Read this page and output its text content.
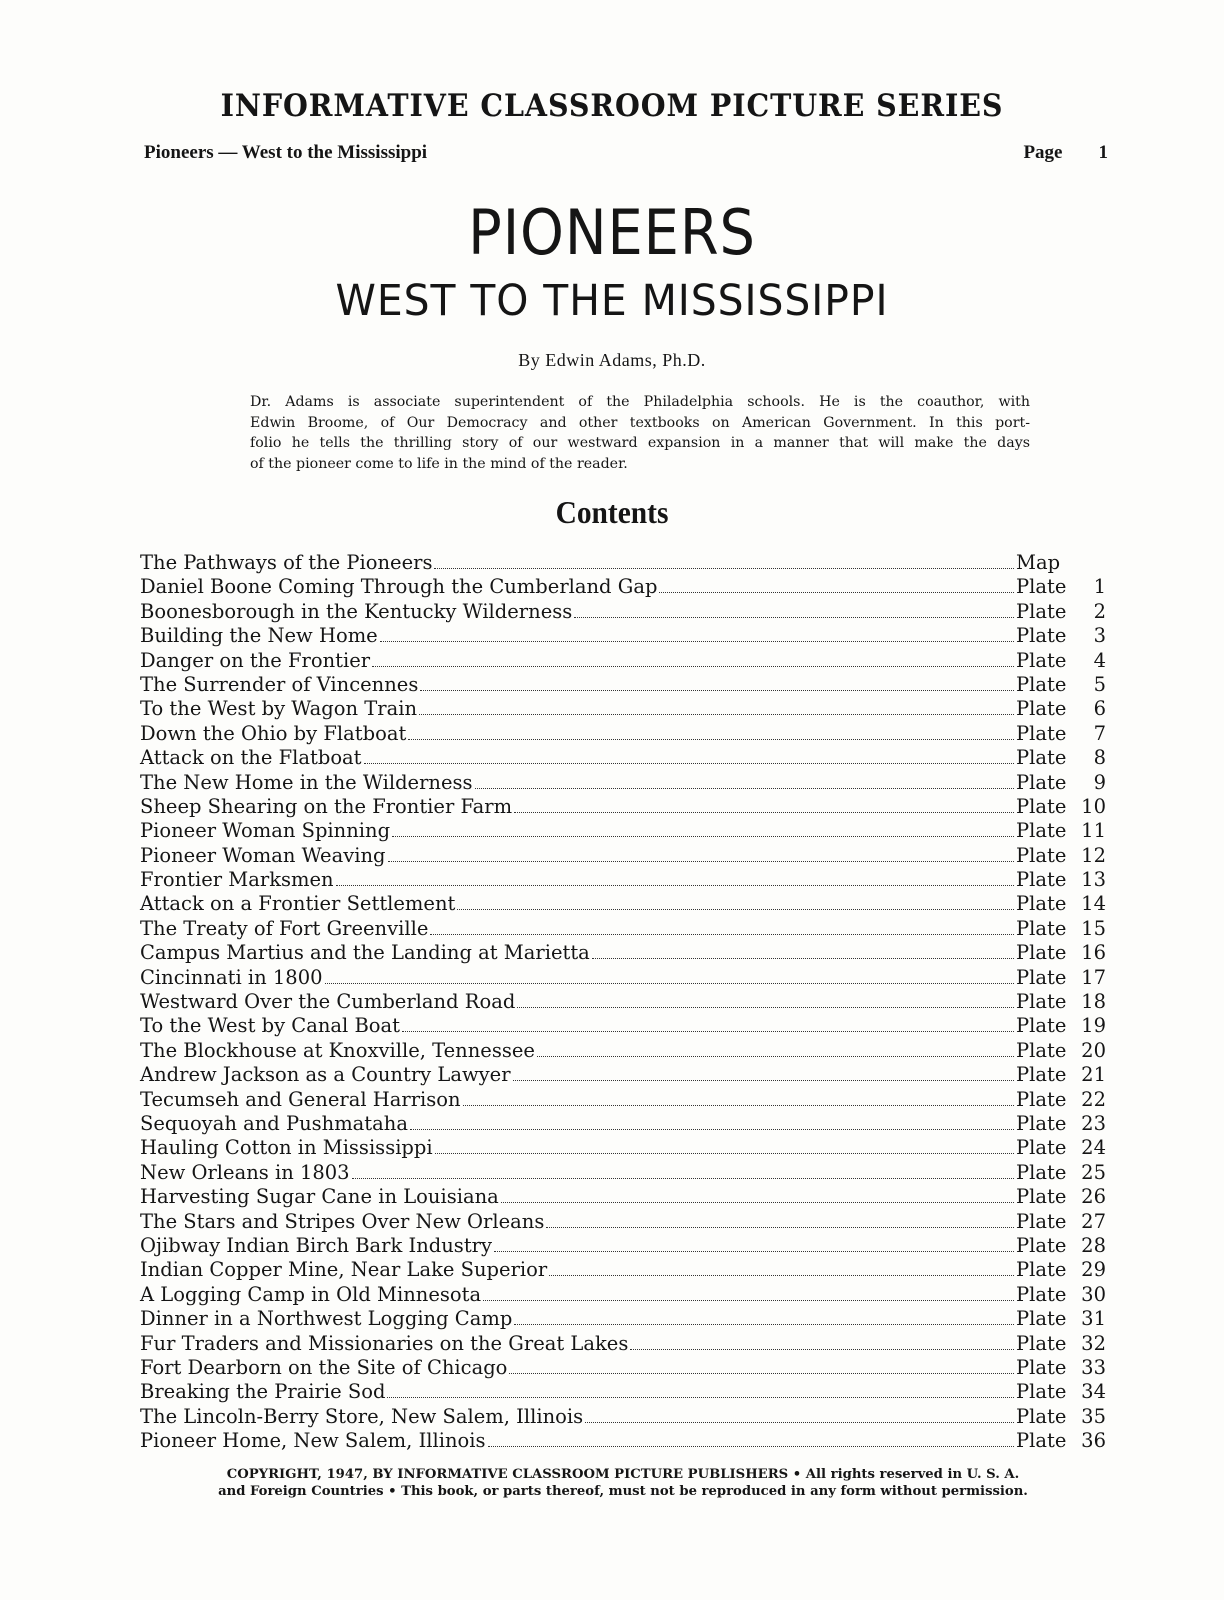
INFORMATIVE CLASSROOM PICTURE SERIES
Pioneers — West to the Mississippi	Page 1
PIONEERS
WEST TO THE MISSISSIPPI
By Edwin Adams, Ph.D.
Dr. Adams is associate superintendent of the Philadelphia schools. He is the coauthor, with
Edwin Broome, of Our Democracy and other textbooks on American Government. In this port-
folio he tells the thrilling story of our westward expansion in a manner that will make the days
of the pioneer come to life in the mind of the reader.
Contents
The Pathways of the Pioneers	Map
Daniel Boone Coming Through the Cumberland Gap	Plate	1
Boonesborough in the Kentucky Wilderness	Plate	2
Building the New Home	Plate	3
Danger on the Frontier	Plate	4
The Surrender of Vincennes	Plate	5
To the West by Wagon Train	Plate	6
Down the Ohio by Flatboat	Plate	7
Attack on the Flatboat	Plate	8
The New Home in the Wilderness	Plate	9
Sheep Shearing on the Frontier Farm	Plate 10
Pioneer Woman Spinning	Plate 11
Pioneer Woman Weaving	Plate 12
Frontier Marksmen	Plate 13
Attack on a Frontier Settlement	Plate 14
The Treaty of Fort Greenville	Plate 15
Campus Martius and the Landing at Marietta	Plate 16
Cincinnati in 1800	Plate 17
Westward Over the Cumberland Road	Plate 18
To the West by Canal Boat	Plate 19
The Blockhouse at Knoxville, Tennessee	Plate 20
Andrew Jackson as a Country Lawyer	Plate 21
Tecumseh and General Harrison	Plate 22
Sequoyah and Pushmataha	Plate 23
Hauling Cotton in Mississippi	Plate 24
New Orleans in 1803	Plate 25
Harvesting Sugar Cane in Louisiana	Plate 26
The Stars and Stripes Over New Orleans	Plate 27
Ojibway Indian Birch Bark Industry	Plate 28
Indian Copper Mine, Near Lake Superior	Plate 29
A Logging Camp in Old Minnesota	Plate 30
Dinner in a Northwest Logging Camp	Plate 31
Fur Traders and Missionaries on the Great Lakes	Plate 32
Fort Dearborn on the Site of Chicago	Plate 33
Breaking the Prairie Sod	Plate 34
The Lincoln-Berry Store, New Salem, Illinois	Plate 35
Pioneer Home, New Salem, Illinois	Plate 36
COPYRIGHT, 1947, BY INFORMATIVE CLASSROOM PICTURE PUBLISHERS • All rights reserved in U. S. A.
and Foreign Countries • This book, or parts thereof, must not be reproduced in any form without permission.
